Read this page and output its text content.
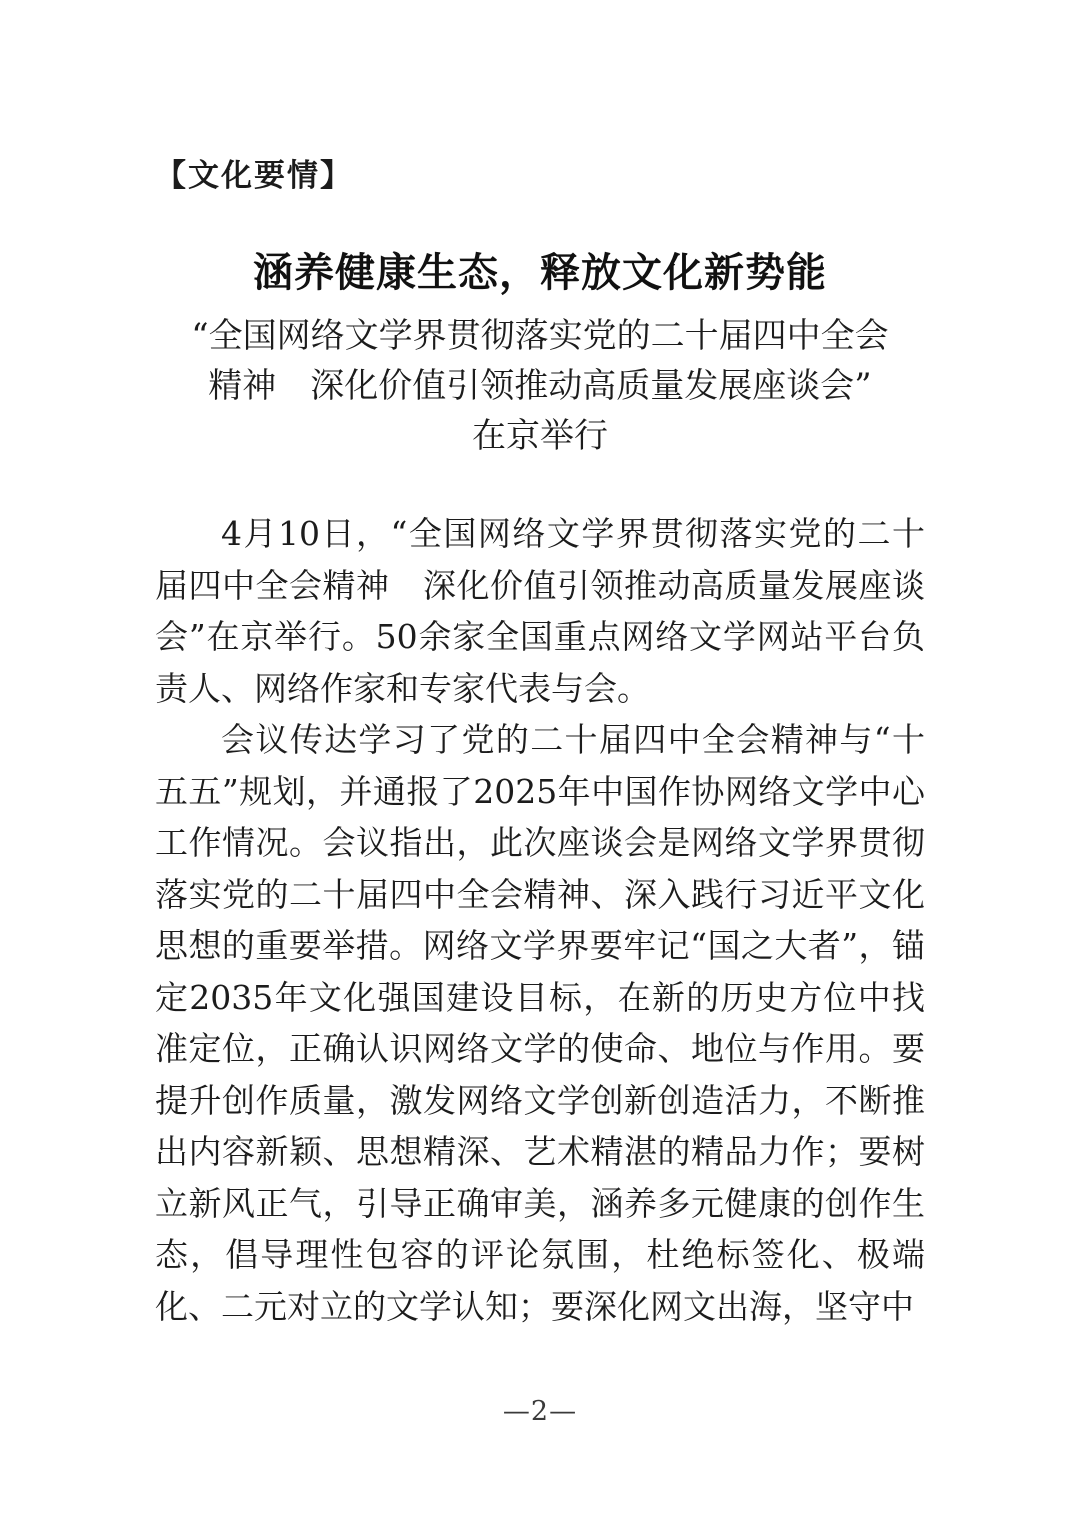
【文化要情】
涵养健康生态，释放文化新势能
“全国网络文学界贯彻落实党的二十届四中全会
精神　深化价值引领推动高质量发展座谈会”
在京举行

4月10日，“全国网络文学界贯彻落实党的二十届四中全会精神　深化价值引领推动高质量发展座谈会”在京举行。50余家全国重点网络文学网站平台负责人、网络作家和专家代表与会。

会议传达学习了党的二十届四中全会精神与“十五五”规划，并通报了2025年中国作协网络文学中心工作情况。会议指出，此次座谈会是网络文学界贯彻落实党的二十届四中全会精神、深入践行习近平文化思想的重要举措。网络文学界要牢记“国之大者”，锚定2035年文化强国建设目标，在新的历史方位中找准定位，正确认识网络文学的使命、地位与作用。要提升创作质量，激发网络文学创新创造活力，不断推出内容新颖、思想精深、艺术精湛的精品力作；要树立新风正气，引导正确审美，涵养多元健康的创作生态，倡导理性包容的评论氛围，杜绝标签化、极端化、二元对立的文学认知；要深化网文出海，坚守中

—2—
